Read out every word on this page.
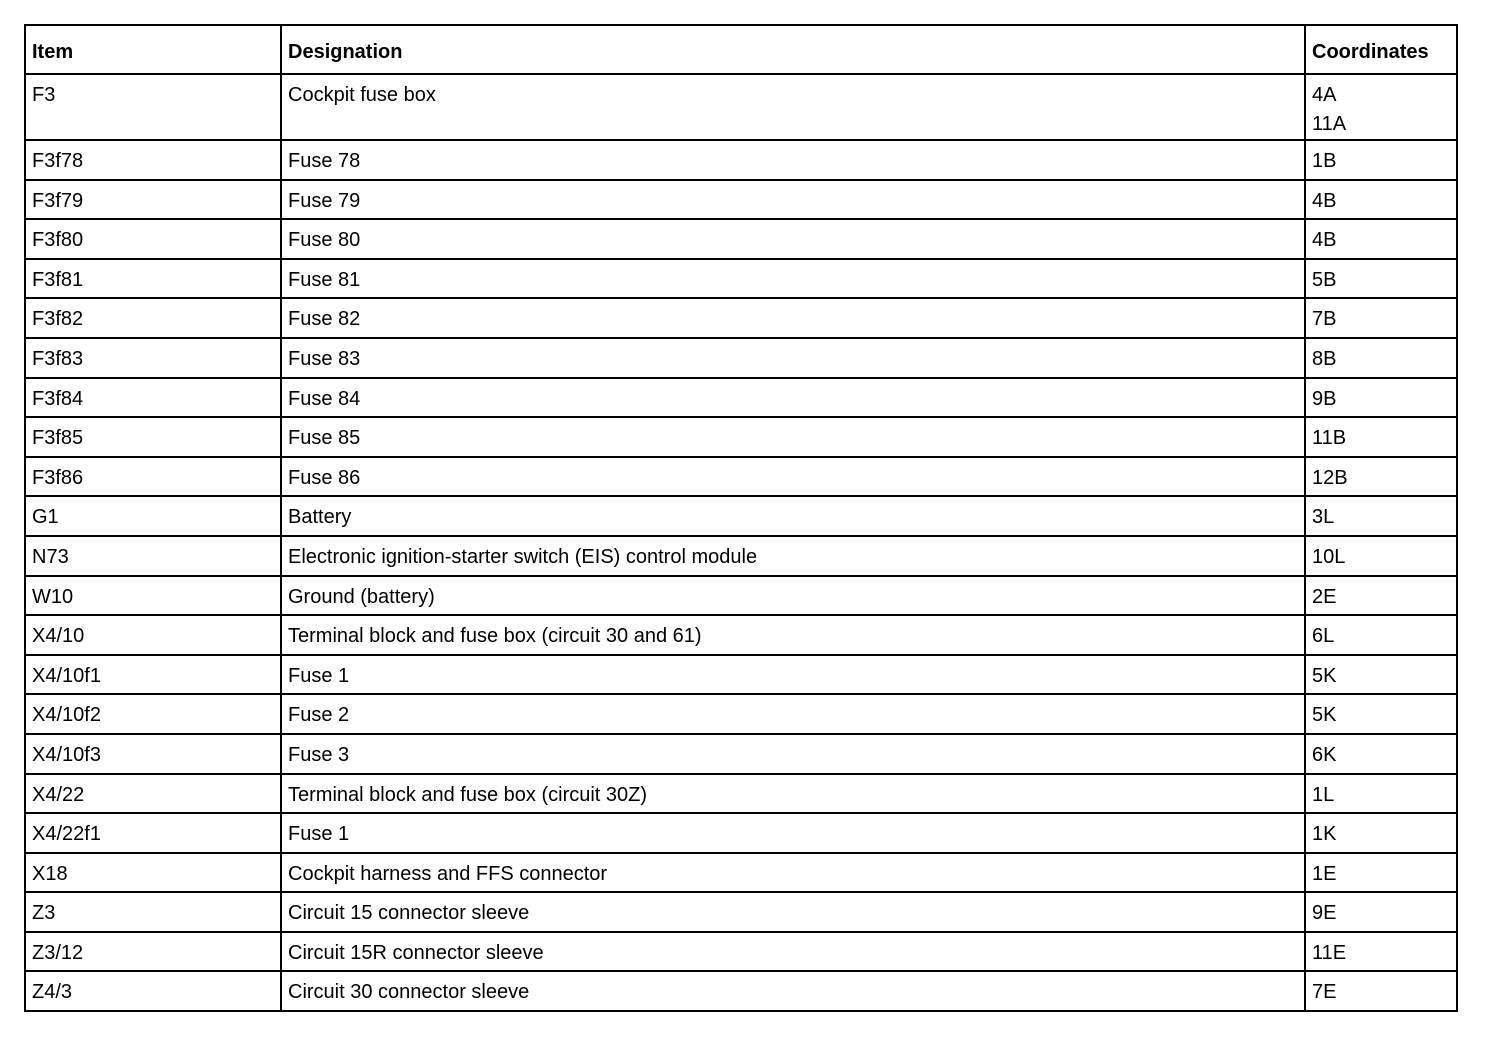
Item	Designation	Coordinates
F3	Cockpit fuse box	4A
11A

F3f78	Fuse 78	1B

F3f79	Fuse 79	4B

F3f80	Fuse 80	4B

F3f81	Fuse 81	5B

F3f82	Fuse 82	7B

F3f83	Fuse 83	8B

F3f84	Fuse 84	9B

F3f85	Fuse 85	11B

F3f86	Fuse 86	12B

G1	Battery	3L

N73	Electronic ignition-starter switch (EIS) control module	10L

W10	Ground (battery)	2E

X4/10	Terminal block and fuse box (circuit 30 and 61)	6L

X4/10f1	Fuse 1	5K

X4/10f2	Fuse 2	5K

X4/10f3	Fuse 3	6K

X4/22	Terminal block and fuse box (circuit 30Z)	1L

X4/22f1	Fuse 1	1K

X18	Cockpit harness and FFS connector	1E

Z3	Circuit 15 connector sleeve	9E

Z3/12	Circuit 15R connector sleeve	11E

Z4/3	Circuit 30 connector sleeve	7E
